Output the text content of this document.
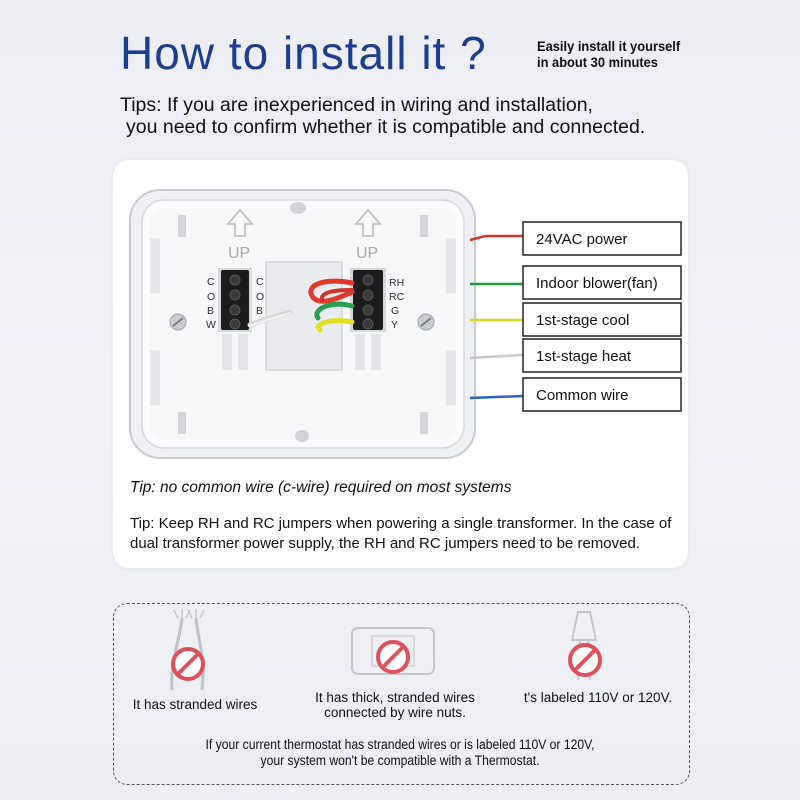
How to install it ?	Easily install it yourself
in about 30 minutes
Tips: If you are inexperienced in wiring and installation,
you need to confirm whether it is compatible and connected.
UP	UP
C
O
B
W
C
O
B
RH
RC
G
Y
24VAC power
Indoor blower(fan)
1st-stage cool
1st-stage heat
Common wire
Tip: no common wire (c-wire) required on most systems
Tip: Keep RH and RC jumpers when powering a single transformer. In the case of dual transformer power supply, the RH and RC jumpers need to be removed.
It has stranded wires	It has thick, stranded wires
connected by wire nuts.
t's labeled 110V or 120V.
If your current thermostat has stranded wires or is labeled 110V or 120V,
your system won't be compatible with a Thermostat.
